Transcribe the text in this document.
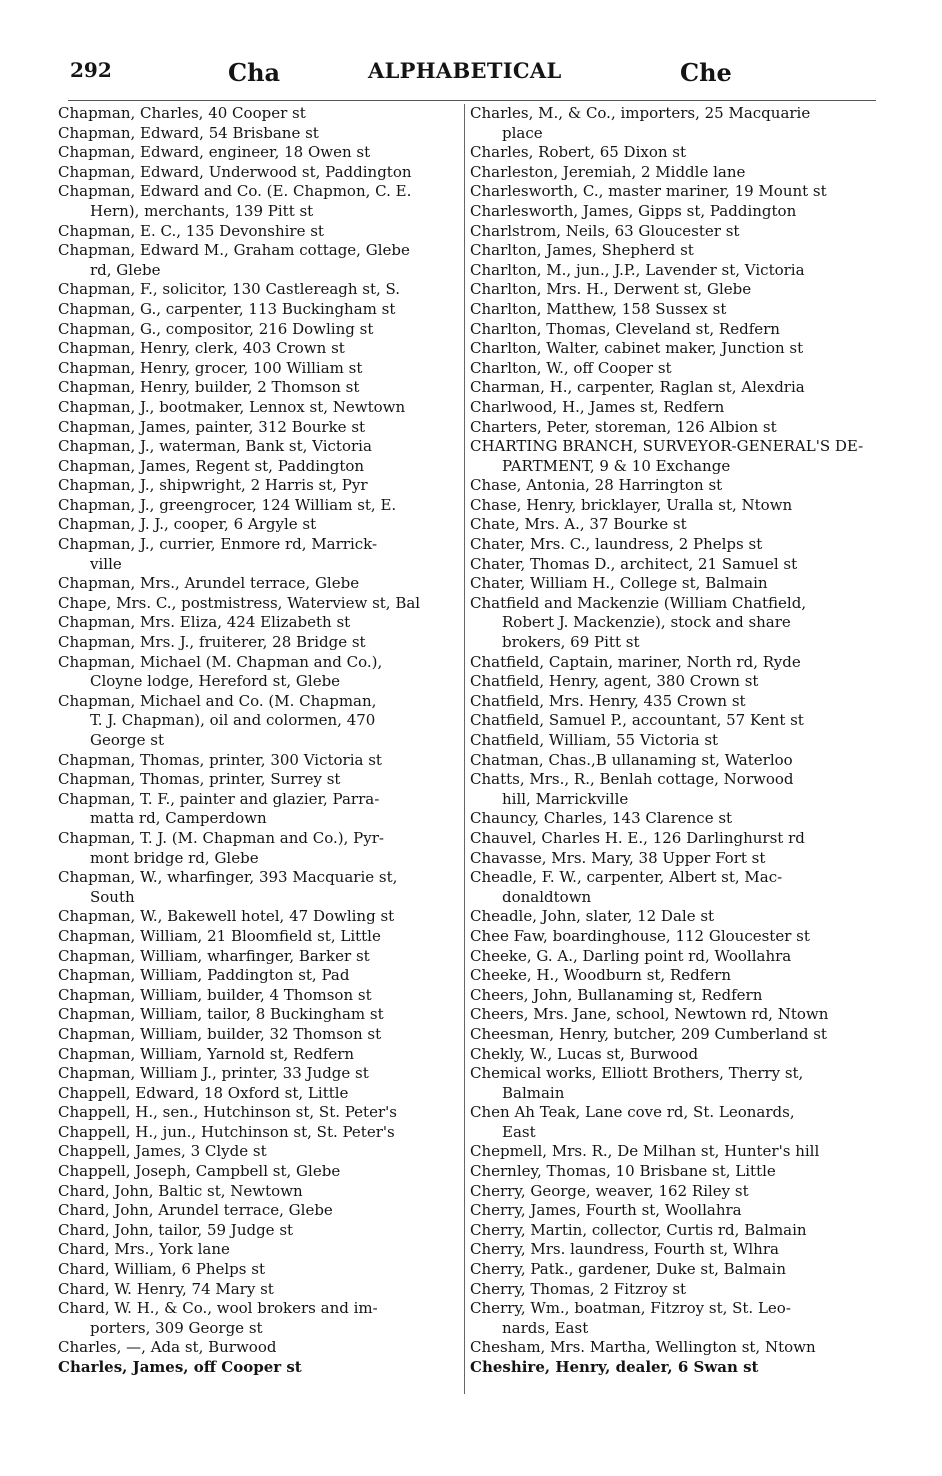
292	Cha	ALPHABETICAL	Che

Chapman, Charles, 40 Cooper st

Chapman, Edward, 54 Brisbane st

Chapman, Edward, engineer, 18 Owen st

Chapman, Edward, Underwood st, Paddington

Chapman, Edward and Co. (E. Chapmon, C. E.
Hern), merchants, 139 Pitt st

Chapman, E. C., 135 Devonshire st

Chapman, Edward M., Graham cottage, Glebe
rd, Glebe

Chapman, F., solicitor, 130 Castlereagh st, S.

Chapman, G., carpenter, 113 Buckingham st

Chapman, G., compositor, 216 Dowling st

Chapman, Henry, clerk, 403 Crown st

Chapman, Henry, grocer, 100 William st

Chapman, Henry, builder, 2 Thomson st

Chapman, J., bootmaker, Lennox st, Newtown

Chapman, James, painter, 312 Bourke st

Chapman, J., waterman, Bank st, Victoria

Chapman, James, Regent st, Paddington

Chapman, J., shipwright, 2 Harris st, Pyr

Chapman, J., greengrocer, 124 William st, E.

Chapman, J. J., cooper, 6 Argyle st

Chapman, J., currier, Enmore rd, Marrick-
ville

Chapman, Mrs., Arundel terrace, Glebe

Chape, Mrs. C., postmistress, Waterview st, Bal

Chapman, Mrs. Eliza, 424 Elizabeth st

Chapman, Mrs. J., fruiterer, 28 Bridge st

Chapman, Michael (M. Chapman and Co.),
Cloyne lodge, Hereford st, Glebe

Chapman, Michael and Co. (M. Chapman,
T. J. Chapman), oil and colormen, 470
George st

Chapman, Thomas, printer, 300 Victoria st

Chapman, Thomas, printer, Surrey st

Chapman, T. F., painter and glazier, Parra-
matta rd, Camperdown

Chapman, T. J. (M. Chapman and Co.), Pyr-
mont bridge rd, Glebe

Chapman, W., wharfinger, 393 Macquarie st,
South

Chapman, W., Bakewell hotel, 47 Dowling st

Chapman, William, 21 Bloomfield st, Little

Chapman, William, wharfinger, Barker st

Chapman, William, Paddington st, Pad

Chapman, William, builder, 4 Thomson st

Chapman, William, tailor, 8 Buckingham st

Chapman, William, builder, 32 Thomson st

Chapman, William, Yarnold st, Redfern

Chapman, William J., printer, 33 Judge st

Chappell, Edward, 18 Oxford st, Little

Chappell, H., sen., Hutchinson st, St. Peter's

Chappell, H., jun., Hutchinson st, St. Peter's

Chappell, James, 3 Clyde st

Chappell, Joseph, Campbell st, Glebe

Chard, John, Baltic st, Newtown

Chard, John, Arundel terrace, Glebe

Chard, John, tailor, 59 Judge st

Chard, Mrs., York lane

Chard, William, 6 Phelps st

Chard, W. Henry, 74 Mary st

Chard, W. H., & Co., wool brokers and im-
porters, 309 George st

Charles, —, Ada st, Burwood

Charles, James, off Cooper st

Charles, M., & Co., importers, 25 Macquarie
place

Charles, Robert, 65 Dixon st

Charleston, Jeremiah, 2 Middle lane

Charlesworth, C., master mariner, 19 Mount st

Charlesworth, James, Gipps st, Paddington

Charlstrom, Neils, 63 Gloucester st

Charlton, James, Shepherd st

Charlton, M., jun., J.P., Lavender st, Victoria

Charlton, Mrs. H., Derwent st, Glebe

Charlton, Matthew, 158 Sussex st

Charlton, Thomas, Cleveland st, Redfern

Charlton, Walter, cabinet maker, Junction st

Charlton, W., off Cooper st

Charman, H., carpenter, Raglan st, Alexdria

Charlwood, H., James st, Redfern

Charters, Peter, storeman, 126 Albion st

CHARTING BRANCH, SURVEYOR-GENERAL'S DE-
PARTMENT, 9 & 10 Exchange

Chase, Antonia, 28 Harrington st

Chase, Henry, bricklayer, Uralla st, Ntown

Chate, Mrs. A., 37 Bourke st

Chater, Mrs. C., laundress, 2 Phelps st

Chater, Thomas D., architect, 21 Samuel st

Chater, William H., College st, Balmain

Chatfield and Mackenzie (William Chatfield,
Robert J. Mackenzie), stock and share
brokers, 69 Pitt st

Chatfield, Captain, mariner, North rd, Ryde

Chatfield, Henry, agent, 380 Crown st

Chatfield, Mrs. Henry, 435 Crown st

Chatfield, Samuel P., accountant, 57 Kent st

Chatfield, William, 55 Victoria st

Chatman, Chas.,B ullanaming st, Waterloo

Chatts, Mrs., R., Benlah cottage, Norwood
hill, Marrickville

Chauncy, Charles, 143 Clarence st

Chauvel, Charles H. E., 126 Darlinghurst rd

Chavasse, Mrs. Mary, 38 Upper Fort st

Cheadle, F. W., carpenter, Albert st, Mac-
donaldtown

Cheadle, John, slater, 12 Dale st

Chee Faw, boardinghouse, 112 Gloucester st

Cheeke, G. A., Darling point rd, Woollahra

Cheeke, H., Woodburn st, Redfern

Cheers, John, Bullanaming st, Redfern

Cheers, Mrs. Jane, school, Newtown rd, Ntown

Cheesman, Henry, butcher, 209 Cumberland st

Chekly, W., Lucas st, Burwood

Chemical works, Elliott Brothers, Therry st,
Balmain

Chen Ah Teak, Lane cove rd, St. Leonards,
East

Chepmell, Mrs. R., De Milhan st, Hunter's hill

Chernley, Thomas, 10 Brisbane st, Little

Cherry, George, weaver, 162 Riley st

Cherry, James, Fourth st, Woollahra

Cherry, Martin, collector, Curtis rd, Balmain

Cherry, Mrs. laundress, Fourth st, Wlhra

Cherry, Patk., gardener, Duke st, Balmain

Cherry, Thomas, 2 Fitzroy st

Cherry, Wm., boatman, Fitzroy st, St. Leo-
nards, East

Chesham, Mrs. Martha, Wellington st, Ntown

Cheshire, Henry, dealer, 6 Swan st
